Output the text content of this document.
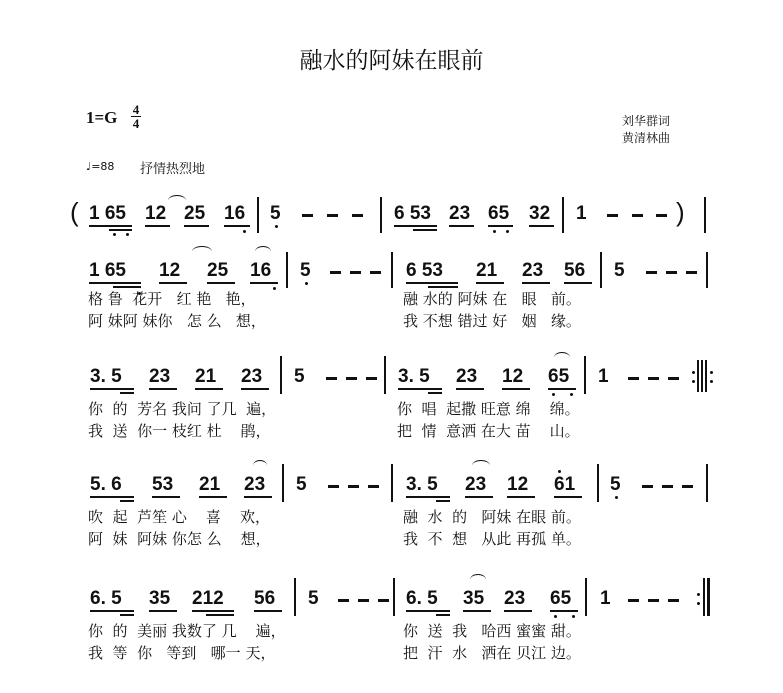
融水的阿妹在眼前
1=G 4
4	刘华群词
黄清林曲
♩=88 抒情热烈地
( 1 65 12 25 16 5	6 53 23 65 32 1	)
1 65 12 25 16 5	6 53 21 23 56 5
格 鲁  花开   红 艳   艳，
阿 妹阿 妹你   怎 么   想，
融 水的 阿妹 在   眼   前。
我 不想 错过 好   姻   缘。
3. 5 23 21 23 5	3. 5 23 12 65 1
你  的  芳名 我问 了几  遍，
我  送  你一 枝红 杜    鹃，
你  唱  起撒 旺意 绵    绵。
把  情  意洒 在大 苗    山。
5. 6 53 21 23 5	3. 5 23 12 61 5
吹  起  芦笙 心    喜    欢，
阿  妹  阿妹 你怎 么    想，
融  水  的   阿妹 在眼 前。
我  不  想   从此 再孤 单。
6. 5 35 212 56 5	6. 5 35 23 65 1
你  的  美丽 我数了 几    遍，
我  等  你   等到   哪一 天，
你  送  我   哈西 蜜蜜 甜。
把  汗  水   洒在 贝江 边。
